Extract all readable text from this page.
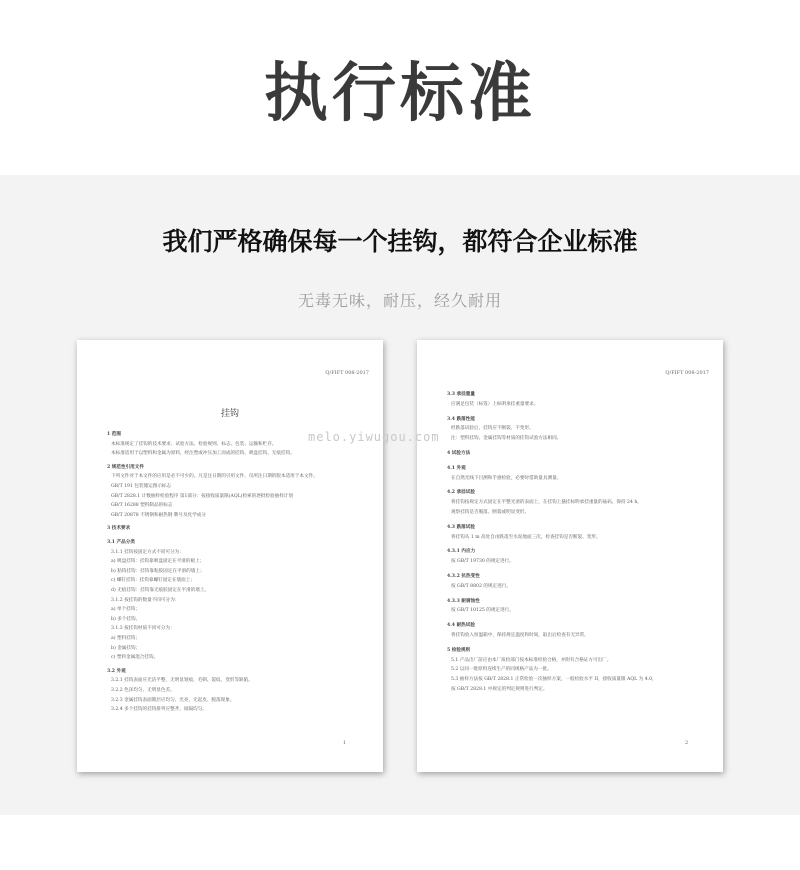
执行标准
我们严格确保每一个挂钩，都符合企业标准
无毒无味，耐压，经久耐用
Q/FIFT 008-2017
挂钩
1 范围
本标准规定了挂钩的技术要求、试验方法、检验规则、标志、包装、运输和贮存。
本标准适用于以塑料和金属为原料，经注塑或冲压加工而成的挂钩、吸盘挂钩、无痕挂钩。
2 规范性引用文件
下列文件对于本文件的应用是必不可少的。凡是注日期的引用文件，仅所注日期的版本适用于本文件。
GB/T 191 包装储运图示标志
GB/T 2828.1 计数抽样检验程序 第1部分：按接收质量限(AQL)检索的逐批检验抽样计划
GB/T 16288 塑料制品的标志
GB/T 20878 不锈钢和耐热钢 牌号及化学成分
3 技术要求
3.1 产品分类
3.1.1 挂钩按固定方式不同可分为：
a) 吸盘挂钩：挂钩靠吸盘固定在平滑的板上；
b) 粘钩挂钩：挂钩靠粘胶固定在平滑的墙上；
c) 螺钉挂钩：挂钩靠螺钉固定在墙面上；
d) 无痕挂钩：挂钩靠无痕胶固定在平滑的墙上。
3.1.2 按挂钩的数量不同可分为：
a) 单个挂钩；
b) 多个挂钩。
3.1.3 按挂钩材质不同可分为：
a) 塑料挂钩；
b) 金属挂钩；
c) 塑料金属混合挂钩。
3.2 外观
3.2.1 挂钩表面应光洁平整，无明显划痕、毛刺、裂纹、变形等缺陷。
3.2.2 色泽均匀，无明显色差。
3.2.3 金属挂钩表面镀层应均匀、光亮，无起皮、脱落现象。
3.2.4 多个挂钩的挂钩排列应整齐、间隔均匀。
1
Q/FIFT 008-2017
3.3 承挂重量
应满足包装（标签）上标明承挂重量要求。
3.4 跌落性能
经跌落试验后，挂钩应不断裂、不变形。
注：塑料挂钩、金属挂钩等材质的挂钩试验方法相同。
4 试验方法
4.1 外观
在自然光线下目测和手感检验，必要时借助量具测量。
4.2 承挂试验
将挂钩按规定方式固定在平整光滑的表面上，在挂钩上悬挂标明承挂重量的砝码，保持 24 h，
观察挂钩是否脱落、断裂或明显变形。
4.3 跌落试验
将挂钩从 1 m 高处自由跌落至水泥地面三次，检查挂钩是否断裂、变形。
4.3.1 内应力
按 GB/T 19730 的规定进行。
4.3.2 抗热变性
按 GB/T 8802 的规定进行。
4.3.3 耐腐蚀性
按 GB/T 10125 的规定进行。
4.4 耐热试验
将挂钩放入恒温箱中，保持规定温度和时间，取出后检查有无异常。
5 检验规则
5.1 产品出厂前应由本厂质检部门按本标准检验合格，并附有合格证方可出厂。
5.2 以同一批原料连续生产的同规格产品为一批。
5.3 抽样方法按 GB/T 2828.1 正常检验一次抽样方案，一般检验水平 II，接收质量限 AQL 为 4.0，
按 GB/T 2828.1 中规定的判定规则进行判定。
2
melo.yiwugou.com
